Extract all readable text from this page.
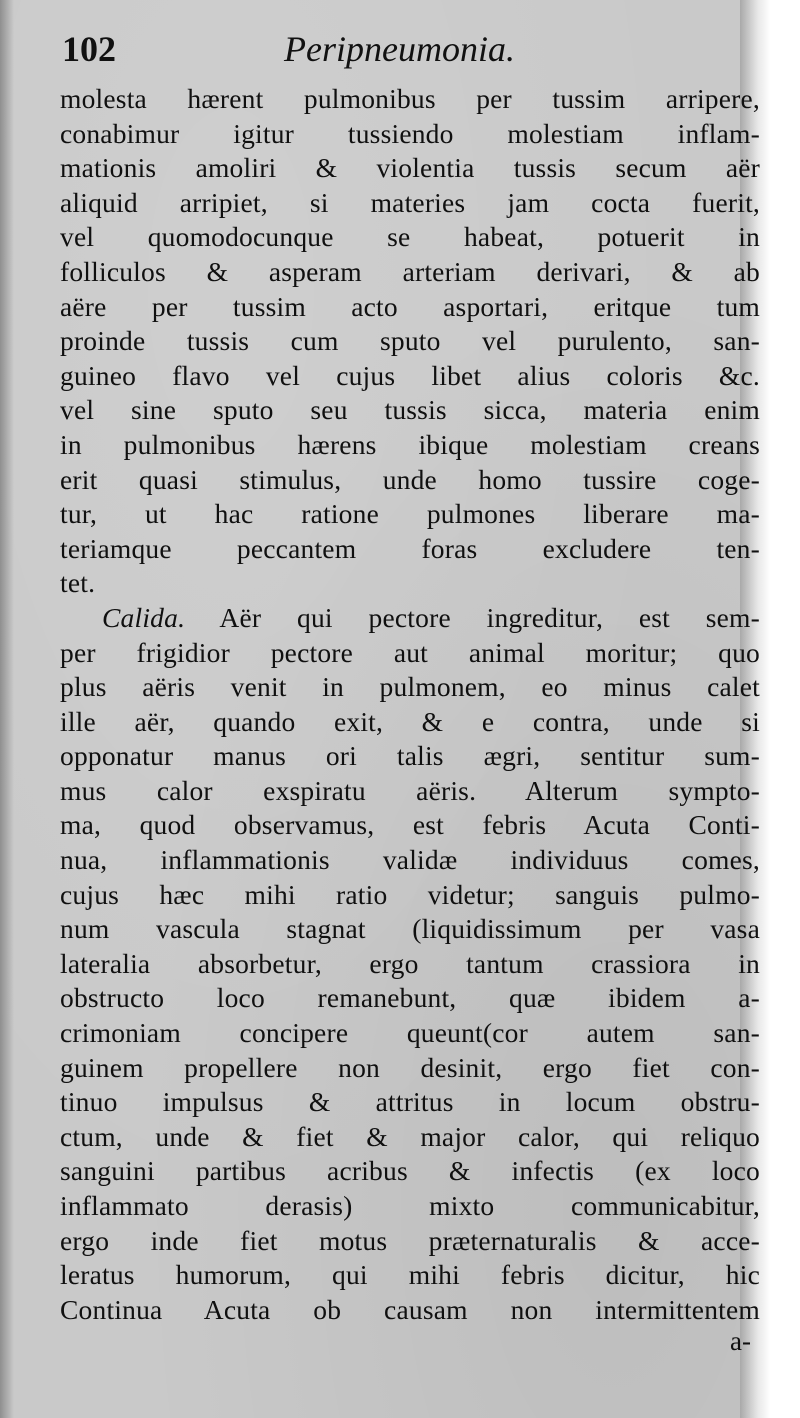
102	Peripneumonia.
molesta hærent pulmonibus per tussim arripere,
conabimur igitur tussiendo molestiam inflam-
mationis amoliri & violentia tussis secum aër
aliquid arripiet, si materies jam cocta fuerit,
vel quomodocunque se habeat, potuerit in
folliculos & asperam arteriam derivari, & ab
aëre per tussim acto asportari, eritque tum
proinde tussis cum sputo vel purulento, san-
guineo flavo vel cujus libet alius coloris &c.
vel sine sputo seu tussis sicca, materia enim
in pulmonibus hærens ibique molestiam creans
erit quasi stimulus, unde homo tussire coge-
tur, ut hac ratione pulmones liberare ma-
teriamque peccantem foras excludere ten-
tet.
Calida. Aër qui pectore ingreditur, est sem-
per frigidior pectore aut animal moritur; quo
plus aëris venit in pulmonem, eo minus calet
ille aër, quando exit, & e contra, unde si
opponatur manus ori talis ægri, sentitur sum-
mus calor exspiratu aëris. Alterum sympto-
ma, quod observamus, est febris Acuta Conti-
nua, inflammationis validæ individuus comes,
cujus hæc mihi ratio videtur; sanguis pulmo-
num vascula stagnat (liquidissimum per vasa
lateralia absorbetur, ergo tantum crassiora in
obstructo loco remanebunt, quæ ibidem a-
crimoniam concipere queunt(cor autem san-
guinem propellere non desinit, ergo fiet con-
tinuo impulsus & attritus in locum obstru-
ctum, unde & fiet & major calor, qui reliquo
sanguini partibus acribus & infectis (ex loco
inflammato derasis) mixto communicabitur,
ergo inde fiet motus præternaturalis & acce-
leratus humorum, qui mihi febris dicitur, hic
Continua Acuta ob causam non intermittentem
a-
